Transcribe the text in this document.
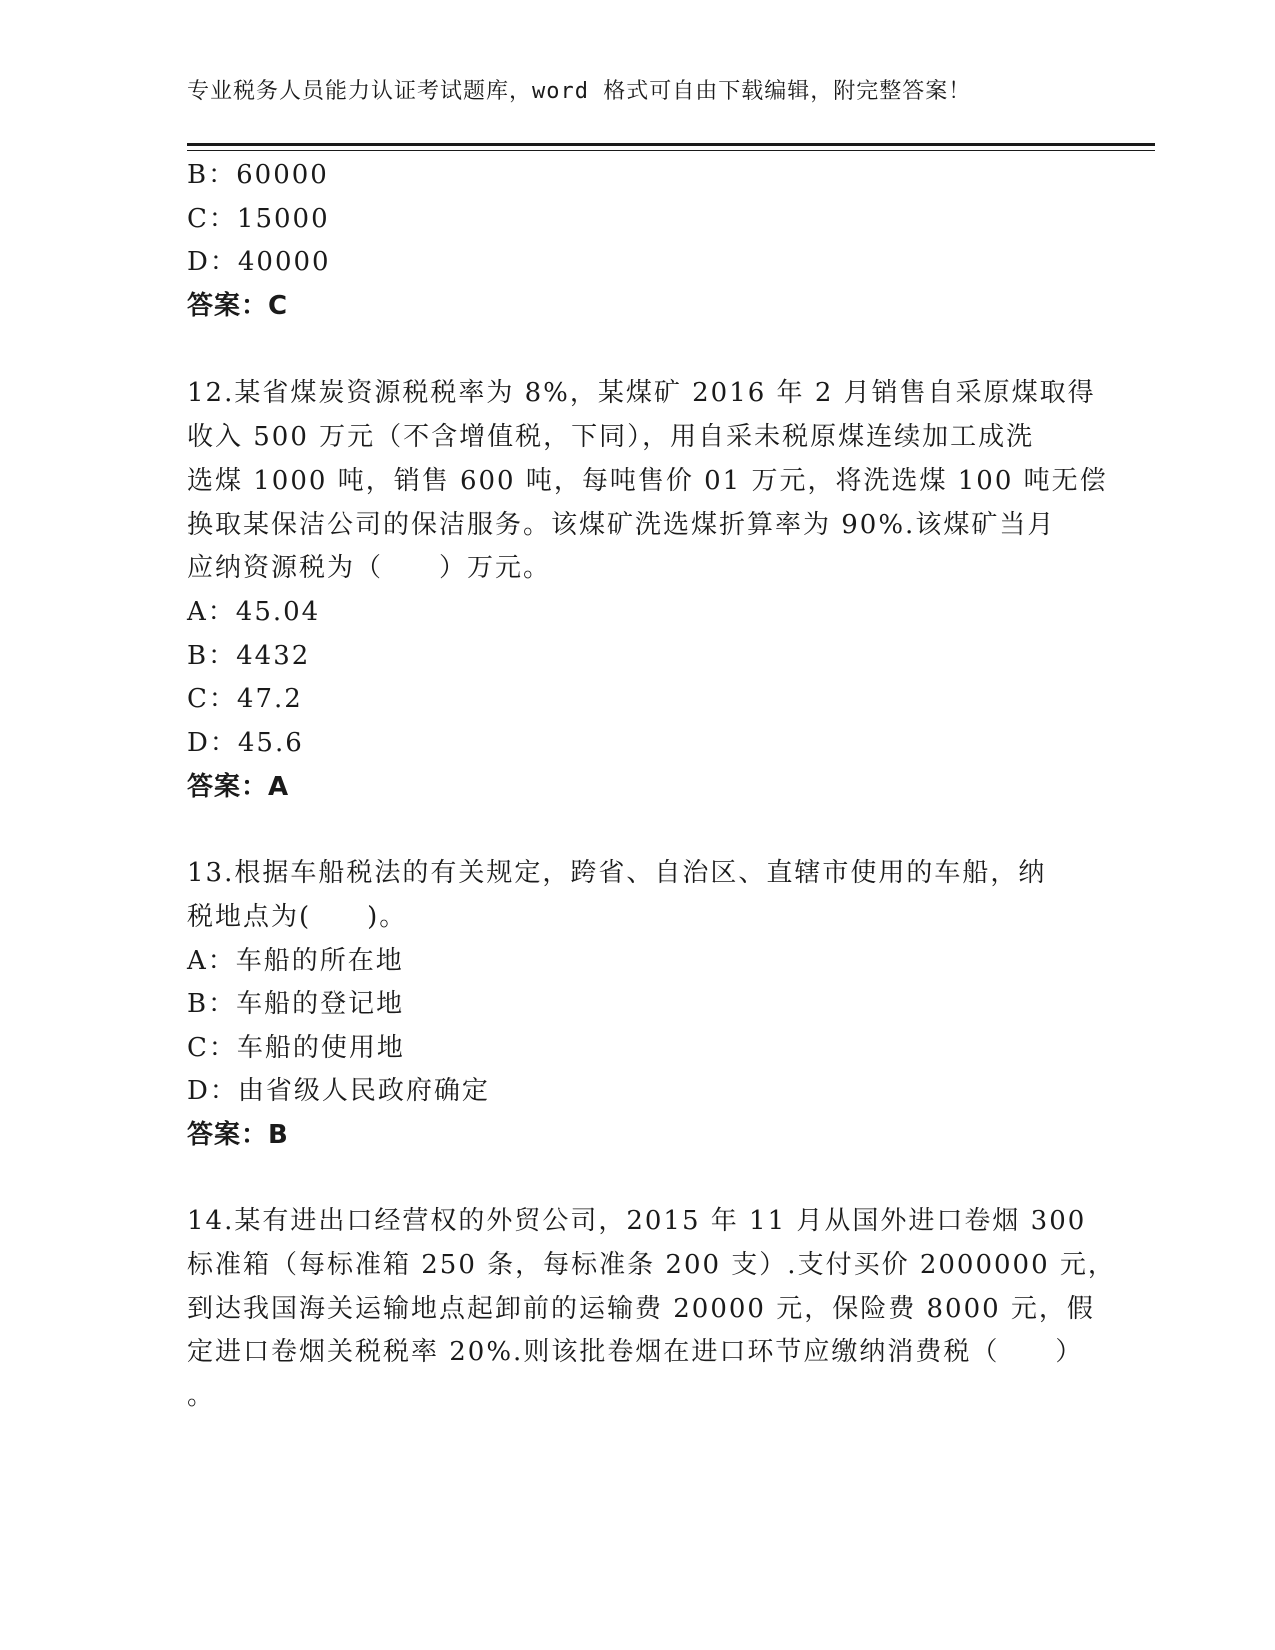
专业税务人员能力认证考试题库，word 格式可自由下载编辑，附完整答案！
B：60000
C：15000
D：40000
答案：C
12.某省煤炭资源税税率为 8%，某煤矿 2016 年 2 月销售自采原煤取得
收入 500 万元（不含增值税，下同），用自采未税原煤连续加工成洗
选煤 1000 吨，销售 600 吨，每吨售价 01 万元，将洗选煤 100 吨无偿
换取某保洁公司的保洁服务。该煤矿洗选煤折算率为 90%.该煤矿当月
应纳资源税为（　　）万元。
A：45.04
B：4432
C：47.2
D：45.6
答案：A
13.根据车船税法的有关规定，跨省、自治区、直辖市使用的车船，纳
税地点为(　　)。
A：车船的所在地
B：车船的登记地
C：车船的使用地
D：由省级人民政府确定
答案：B
14.某有进出口经营权的外贸公司，2015 年 11 月从国外进口卷烟 300
标准箱（每标准箱 250 条，每标准条 200 支）.支付买价 2000000 元，
到达我国海关运输地点起卸前的运输费 20000 元，保险费 8000 元，假
定进口卷烟关税税率 20%.则该批卷烟在进口环节应缴纳消费税（　　）
。
